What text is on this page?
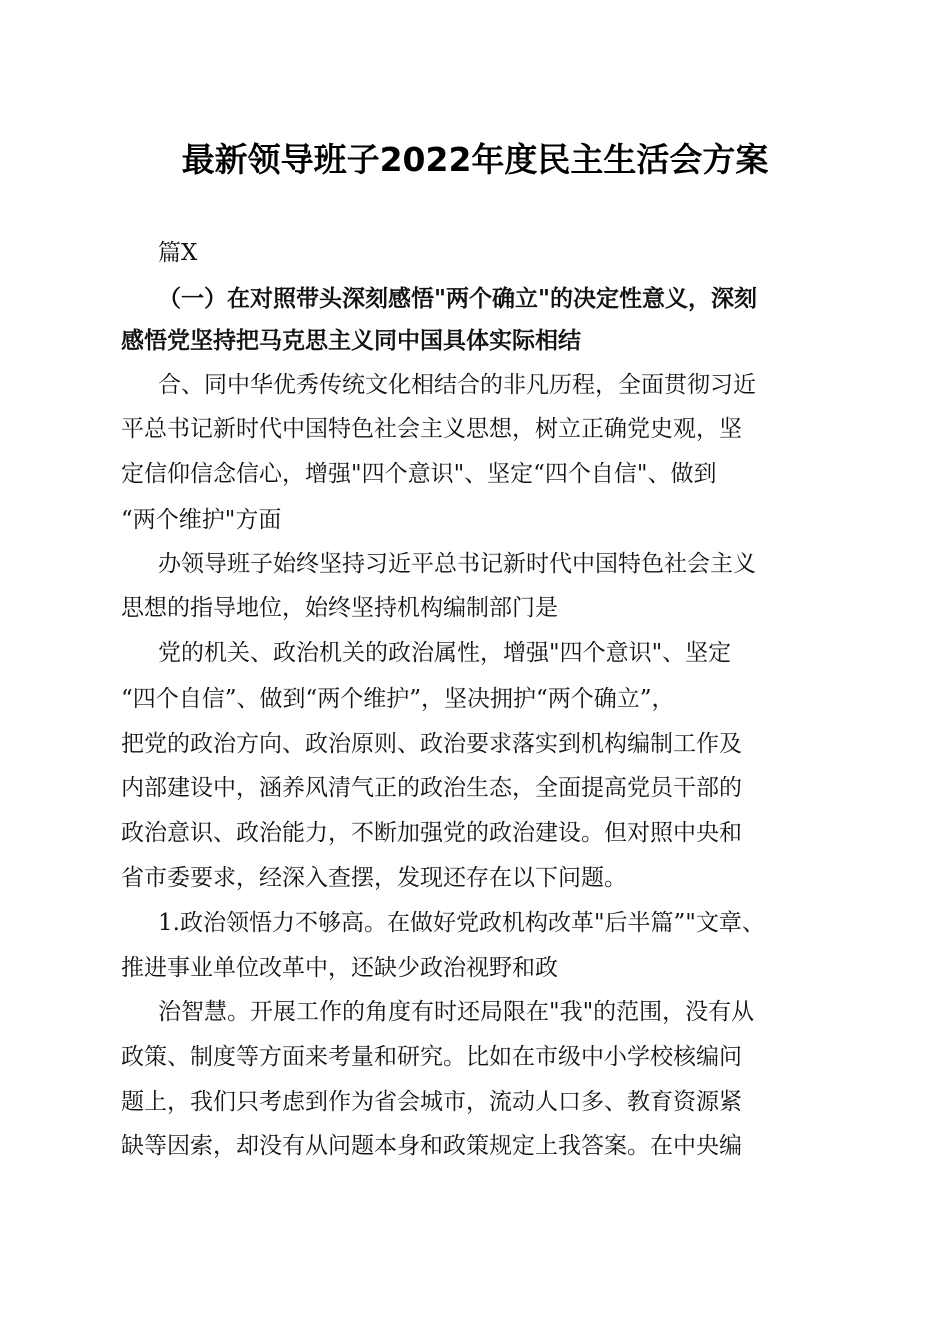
最新领导班子2022年度民主生活会方案
篇X
（一）在对照带头深刻感悟"两个确立"的决定性意义，深刻
感悟党坚持把马克思主义同中国具体实际相结
合、同中华优秀传统文化相结合的非凡历程，全面贯彻习近
平总书记新时代中国特色社会主义思想，树立正确党史观，坚
定信仰信念信心，增强"四个意识"、坚定“四个自信"、做到
“两个维护"方面
办领导班子始终坚持习近平总书记新时代中国特色社会主义
思想的指导地位，始终坚持机构编制部门是
党的机关、政治机关的政治属性，增强"四个意识"、坚定
“四个自信”、做到“两个维护”，坚决拥护“两个确立”，
把党的政治方向、政治原则、政治要求落实到机构编制工作及
内部建设中，涵养风清气正的政治生态，全面提高党员干部的
政治意识、政治能力，不断加强党的政治建设。但对照中央和
省市委要求，经深入查摆，发现还存在以下问题。
1.政治领悟力不够高。在做好党政机构改革"后半篇”"文章、
推进事业单位改革中，还缺少政治视野和政
治智慧。开展工作的角度有时还局限在"我"的范围，没有从
政策、制度等方面来考量和研究。比如在市级中小学校核编问
题上，我们只考虑到作为省会城市，流动人口多、教育资源紧
缺等因索，却没有从问题本身和政策规定上我答案。在中央编
